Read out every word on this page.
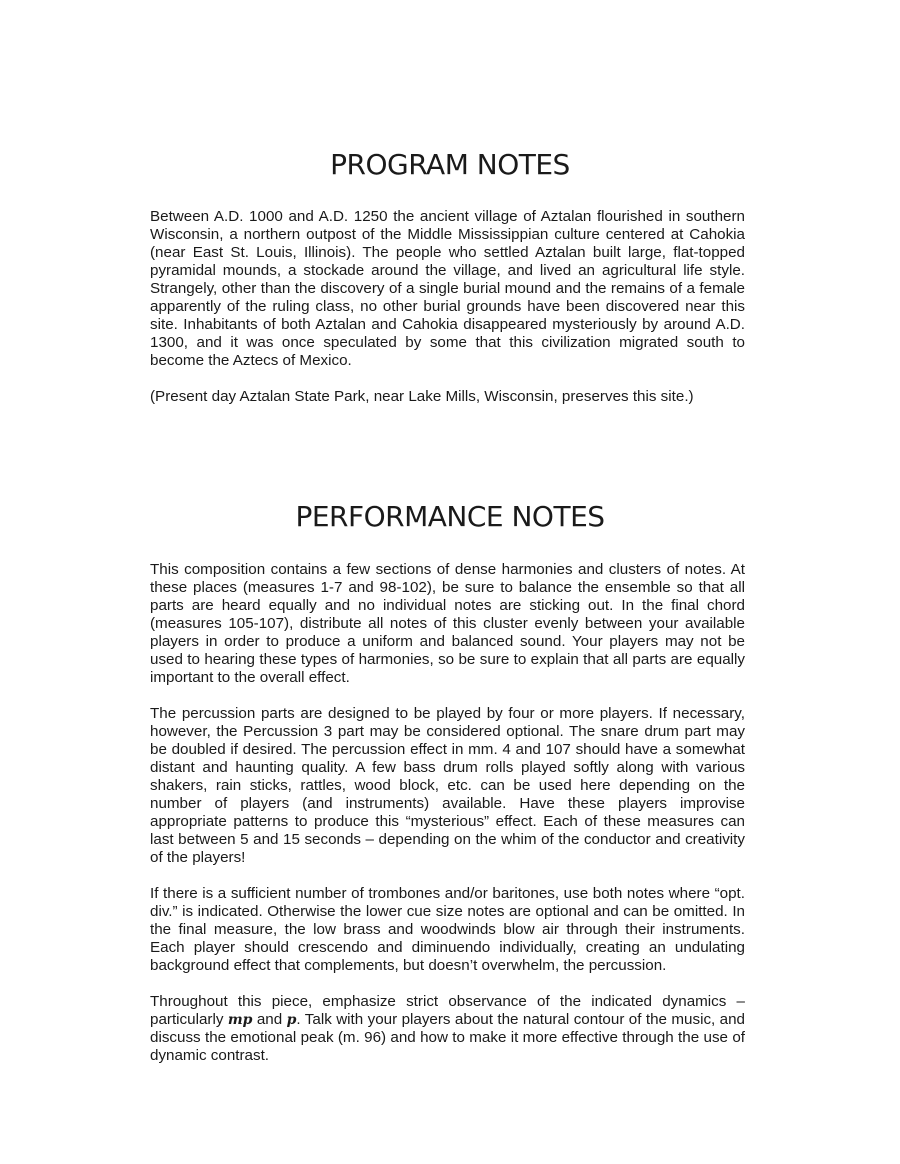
PROGRAM NOTES

Between A.D. 1000 and A.D. 1250 the ancient village of Aztalan flourished in southern Wisconsin, a northern outpost of the Middle Mississippian culture centered at Cahokia (near East St. Louis, Illinois). The people who settled Aztalan built large, flat-topped pyramidal mounds, a stockade around the village, and lived an agricultural life style. Strangely, other than the discovery of a single burial mound and the remains of a female apparently of the ruling class, no other burial grounds have been discovered near this site. Inhabitants of both Aztalan and Cahokia disappeared mysteriously by around A.D. 1300, and it was once speculated by some that this civilization migrated south to become the Aztecs of Mexico.

(Present day Aztalan State Park, near Lake Mills, Wisconsin, preserves this site.)

PERFORMANCE NOTES

This composition contains a few sections of dense harmonies and clusters of notes. At these places (measures 1-7 and 98-102), be sure to balance the ensemble so that all parts are heard equally and no individual notes are sticking out. In the final chord (measures 105-107), distribute all notes of this cluster evenly between your available players in order to produce a uniform and balanced sound. Your players may not be used to hearing these types of harmonies, so be sure to explain that all parts are equally important to the overall effect.

The percussion parts are designed to be played by four or more players. If necessary, however, the Percussion 3 part may be considered optional. The snare drum part may be doubled if desired. The percussion effect in mm. 4 and 107 should have a somewhat distant and haunting quality. A few bass drum rolls played softly along with various shakers, rain sticks, rattles, wood block, etc. can be used here depending on the number of players (and instruments) available. Have these players improvise appropriate patterns to produce this “mysterious” effect. Each of these measures can last between 5 and 15 seconds – depending on the whim of the conductor and creativity of the players!

If there is a sufficient number of trombones and/or baritones, use both notes where “opt. div.” is indicated. Otherwise the lower cue size notes are optional and can be omitted. In the final measure, the low brass and woodwinds blow air through their instruments. Each player should crescendo and diminuendo individually, creating an undulating background effect that complements, but doesn’t overwhelm, the percussion.

Throughout this piece, emphasize strict observance of the indicated dynamics – particularly mp and p. Talk with your players about the natural contour of the music, and discuss the emotional peak (m. 96) and how to make it more effective through the use of dynamic contrast.
